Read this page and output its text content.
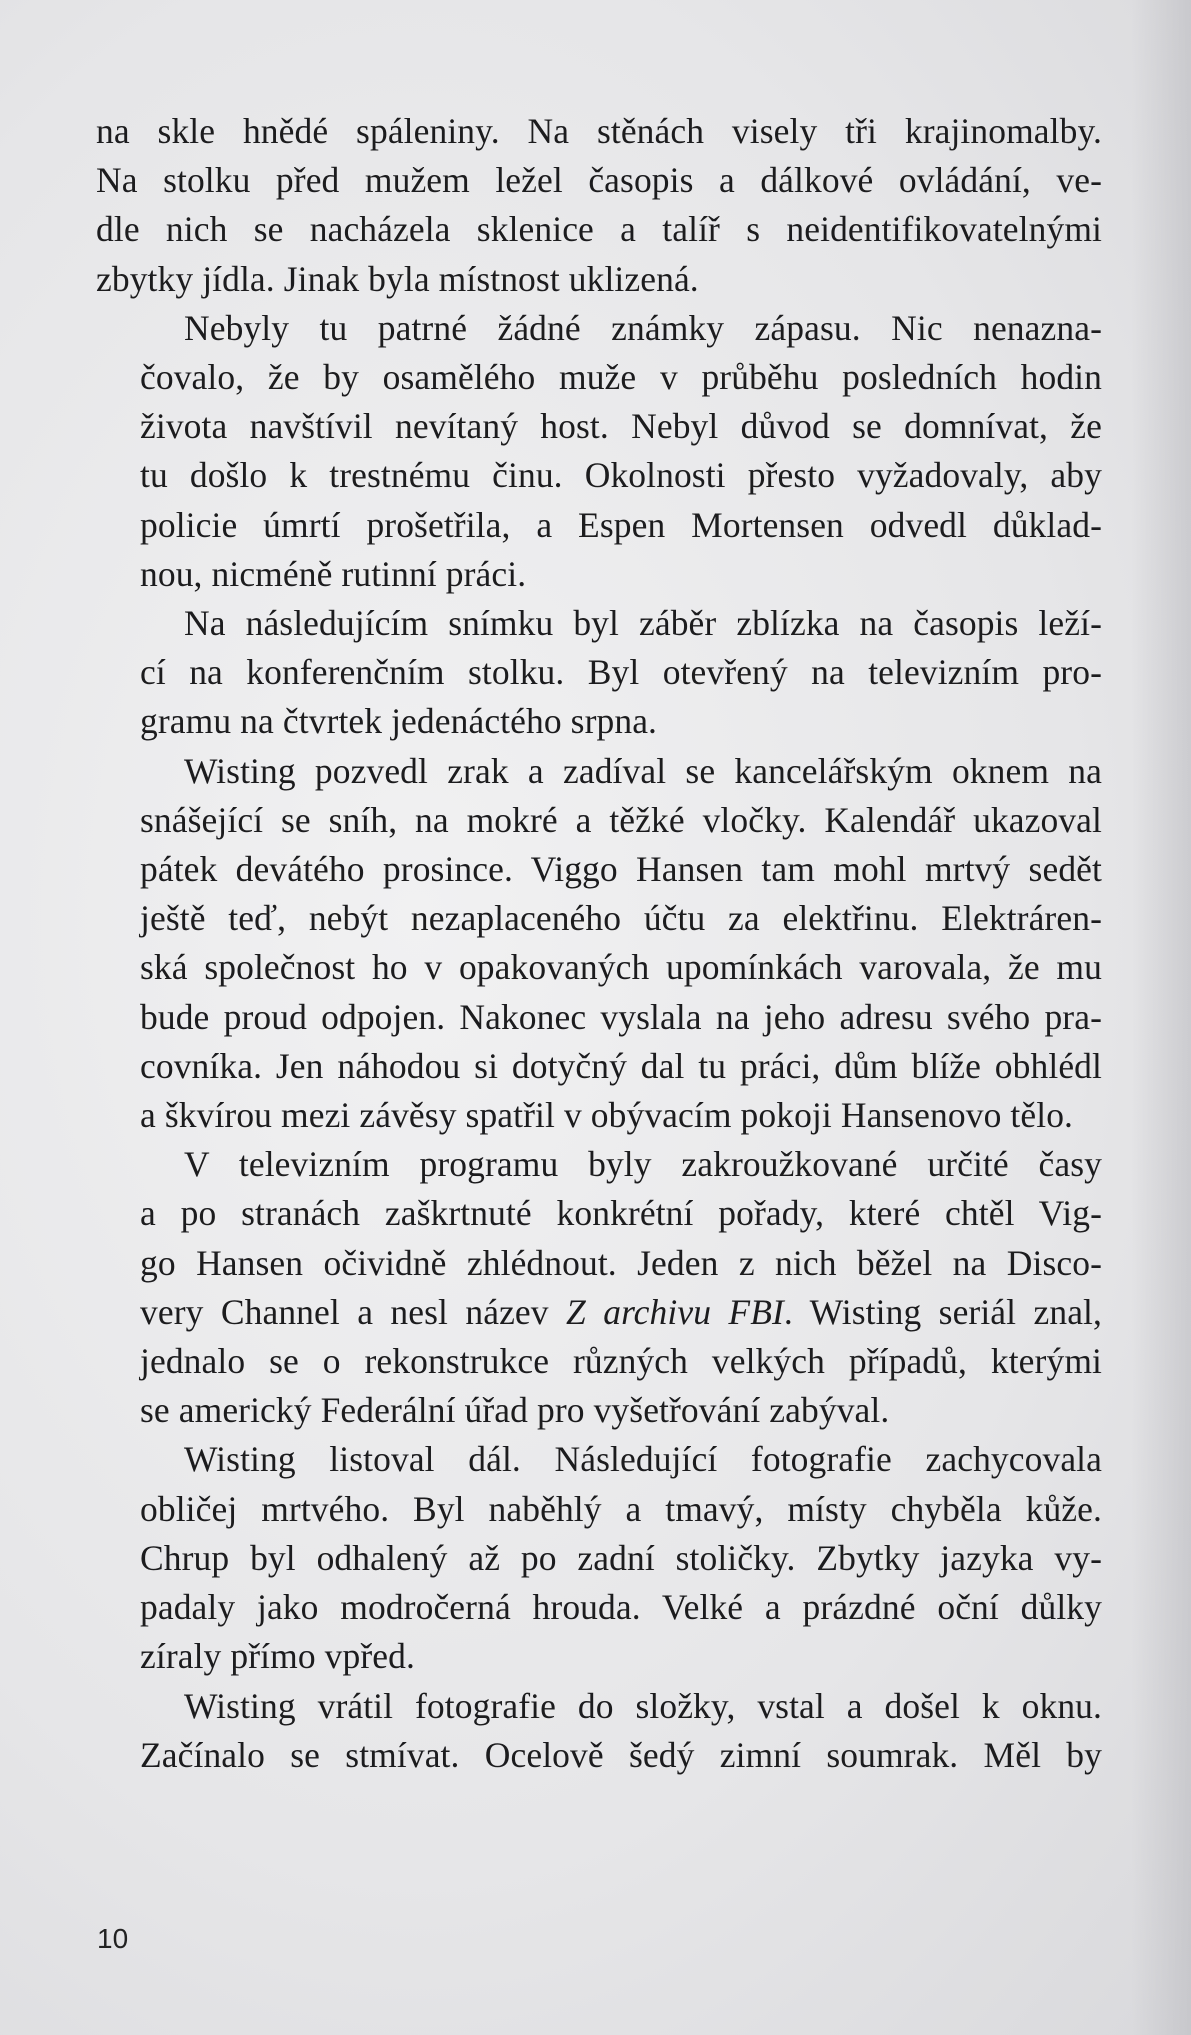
na skle hnědé spáleniny. Na stěnách visely tři krajinomalby.
Na stolku před mužem ležel časopis a dálkové ovládání, ve-
dle nich se nacházela sklenice a talíř s neidentifikovatelnými
zbytky jídla. Jinak byla místnost uklizená.

Nebyly tu patrné žádné známky zápasu. Nic nenazna-
čovalo, že by osamělého muže v průběhu posledních hodin
života navštívil nevítaný host. Nebyl důvod se domnívat, že
tu došlo k trestnému činu. Okolnosti přesto vyžadovaly, aby
policie úmrtí prošetřila, a Espen Mortensen odvedl důklad-
nou, nicméně rutinní práci.

Na následujícím snímku byl záběr zblízka na časopis leží-
cí na konferenčním stolku. Byl otevřený na televizním pro-
gramu na čtvrtek jedenáctého srpna.

Wisting pozvedl zrak a zadíval se kancelářským oknem na
snášející se sníh, na mokré a těžké vločky. Kalendář ukazoval
pátek devátého prosince. Viggo Hansen tam mohl mrtvý sedět
ještě teď, nebýt nezaplaceného účtu za elektřinu. Elektráren-
ská společnost ho v opakovaných upomínkách varovala, že mu
bude proud odpojen. Nakonec vyslala na jeho adresu svého pra-
covníka. Jen náhodou si dotyčný dal tu práci, dům blíže obhlédl
a škvírou mezi závěsy spatřil v obývacím pokoji Hansenovo tělo.

V televizním programu byly zakroužkované určité časy
a po stranách zaškrtnuté konkrétní pořady, které chtěl Vig-
go Hansen očividně zhlédnout. Jeden z nich běžel na Disco-
very Channel a nesl název Z archivu FBI. Wisting seriál znal,
jednalo se o rekonstrukce různých velkých případů, kterými
se americký Federální úřad pro vyšetřování zabýval.

Wisting listoval dál. Následující fotografie zachycovala
obličej mrtvého. Byl naběhlý a tmavý, místy chyběla kůže.
Chrup byl odhalený až po zadní stoličky. Zbytky jazyka vy-
padaly jako modročerná hrouda. Velké a prázdné oční důlky
zíraly přímo vpřed.

Wisting vrátil fotografie do složky, vstal a došel k oknu.
Začínalo se stmívat. Ocelově šedý zimní soumrak. Měl by

10
